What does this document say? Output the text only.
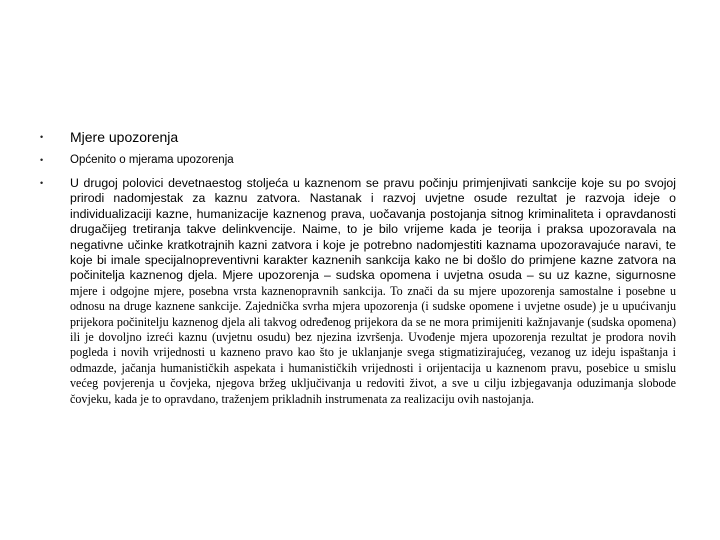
• Mjere upozorenja
• Općenito o mjerama upozorenja
• U drugoj polovici devetnaestog stoljeća u kaznenom se pravu počinju primjenjivati sankcije koje su po svojoj prirodi nadomjestak za kaznu zatvora. Nastanak i razvoj uvjetne osude rezultat je razvoja ideje o individualizaciji kazne, humanizacije kaznenog prava, uočavanja postojanja sitnog kriminaliteta i opravdanosti drugačijeg tretiranja takve delinkvencije. Naime, to je bilo vrijeme kada je teorija i praksa upozoravala na negativne učinke kratkotrajnih kazni zatvora i koje je potrebno nadomjestiti kaznama upozoravajuće naravi, te koje bi imale specijalnopreventivni karakter kaznenih sankcija kako ne bi došlo do primjene kazne zatvora na počinitelja kaznenog djela. Mjere upozorenja – sudska opomena i uvjetna osuda – su uz kazne, sigurnosne mjere i odgojne mjere, posebna vrsta kaznenopravnih sankcija. To znači da su mjere upozorenja samostalne i posebne u odnosu na druge kaznene sankcije. Zajednička svrha mjera upozorenja (i sudske opomene i uvjetne osude) je u upućivanju prijekora počinitelju kaznenog djela ali takvog određenog prijekora da se ne mora primijeniti kažnjavanje (sudska opomena) ili je dovoljno izreći kaznu (uvjetnu osudu) bez njezina izvršenja. Uvođenje mjera upozorenja rezultat je prodora novih pogleda i novih vrijednosti u kazneno pravo kao što je uklanjanje svega stigmatizirajućeg, vezanog uz ideju ispaštanja i odmazde, jačanja humanističkih aspekata i humanističkih vrijednosti i orijentacija u kaznenom pravu, posebice u smislu većeg povjerenja u čovjeka, njegova bržeg uključivanja u redoviti život, a sve u cilju izbjegavanja oduzimanja slobode čovjeku, kada je to opravdano, traženjem prikladnih instrumenata za realizaciju ovih nastojanja.
